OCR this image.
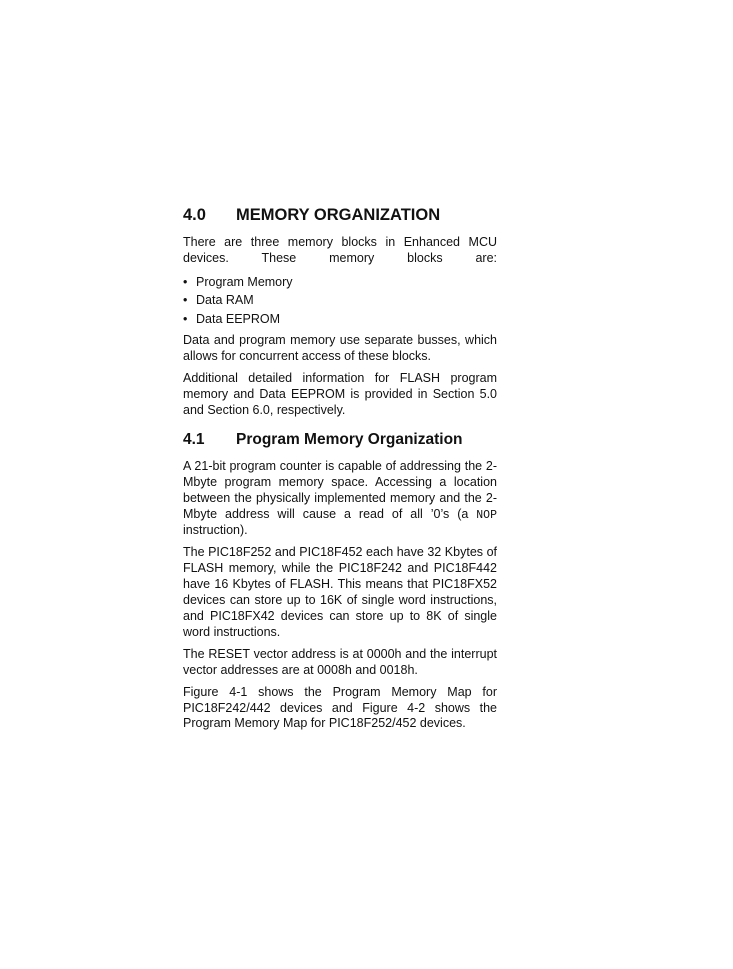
4.0	MEMORY ORGANIZATION

There are three memory blocks in Enhanced MCU devices. These memory blocks are:

• Program Memory
• Data RAM
• Data EEPROM

Data and program memory use separate busses, which allows for concurrent access of these blocks.

Additional detailed information for FLASH program memory and Data EEPROM is provided in Section 5.0 and Section 6.0, respectively.

4.1	Program Memory Organization

A 21-bit program counter is capable of addressing the 2-Mbyte program memory space. Accessing a location between the physically implemented memory and the 2-Mbyte address will cause a read of all ’0’s (a NOP instruction).

The PIC18F252 and PIC18F452 each have 32 Kbytes of FLASH memory, while the PIC18F242 and PIC18F442 have 16 Kbytes of FLASH. This means that PIC18FX52 devices can store up to 16K of single word instructions, and PIC18FX42 devices can store up to 8K of single word instructions.

The RESET vector address is at 0000h and the interrupt vector addresses are at 0008h and 0018h.

Figure 4-1 shows the Program Memory Map for PIC18F242/442 devices and Figure 4-2 shows the Program Memory Map for PIC18F252/452 devices.
